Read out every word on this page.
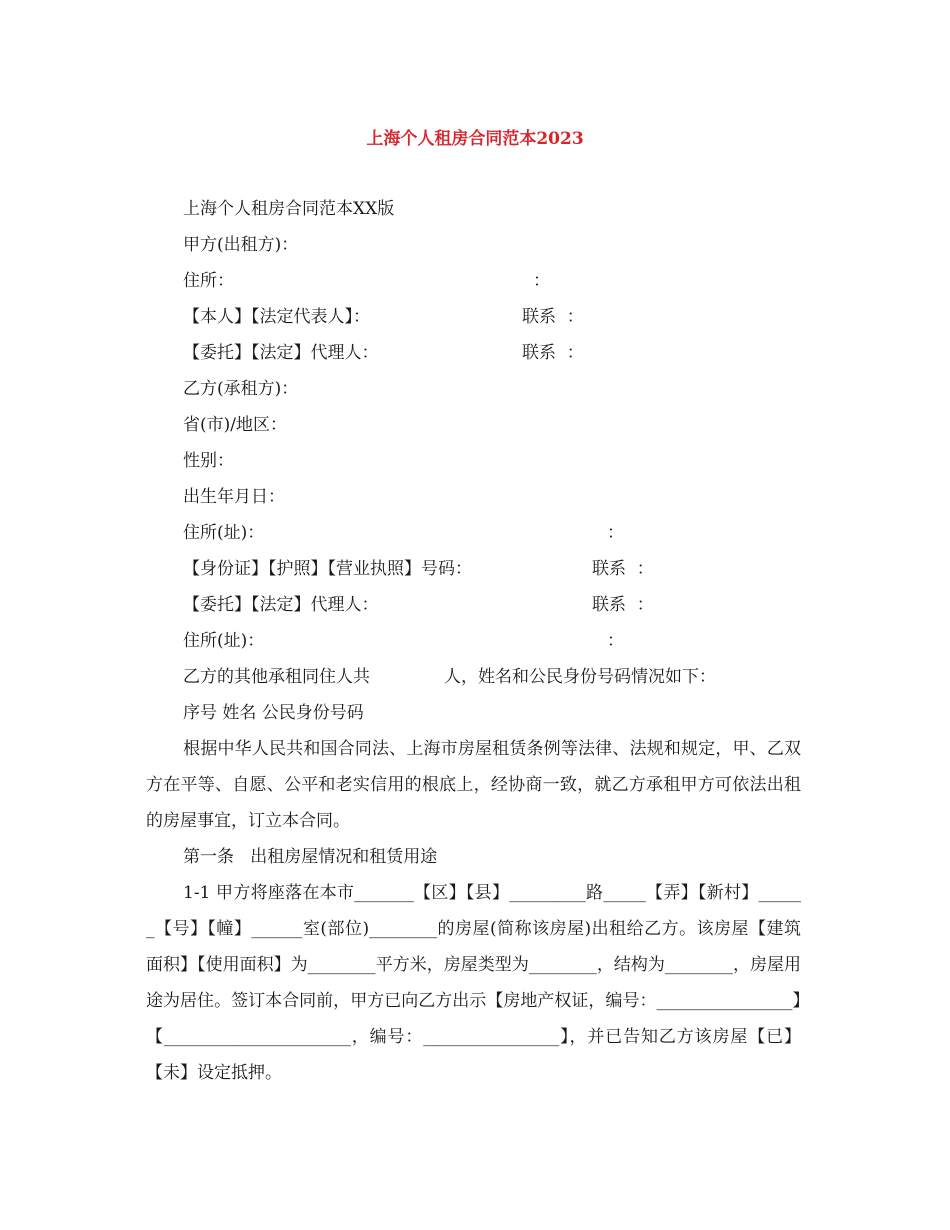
上海个人租房合同范本2023
上海个人租房合同范本XX版
甲方(出租方)：
住所：	：
【本人】【法定代表人】：	联系  ：
【委托】【法定】代理人：	联系  ：
乙方(承租方)：
省(市)/地区：
性别：
出生年月日：
住所(址)：	：
【身份证】【护照】【营业执照】号码：	联系  ：
【委托】【法定】代理人：	联系  ：
住所(址)：	：
乙方的其他承租同住人共	人，姓名和公民身份号码情况如下：
序号 姓名 公民身份号码
根据中华人民共和国合同法、上海市房屋租赁条例等法律、法规和规定，甲、乙双方在平等、自愿、公平和老实信用的根底上，经协商一致，就乙方承租甲方可依法出租的房屋事宜，订立本合同。
第一条   出租房屋情况和租赁用途
1-1 甲方将座落在本市_______【区】【县】_________路_____【弄】【新村】______【号】【幢】______室(部位)________的房屋(简称该房屋)出租给乙方。该房屋【建筑面积】【使用面积】为________平方米，房屋类型为________，结构为________，房屋用途为居住。签订本合同前，甲方已向乙方出示【房地产权证，编号：________________】【______________________，编号：________________】，并已告知乙方该房屋【已】【未】设定抵押。
